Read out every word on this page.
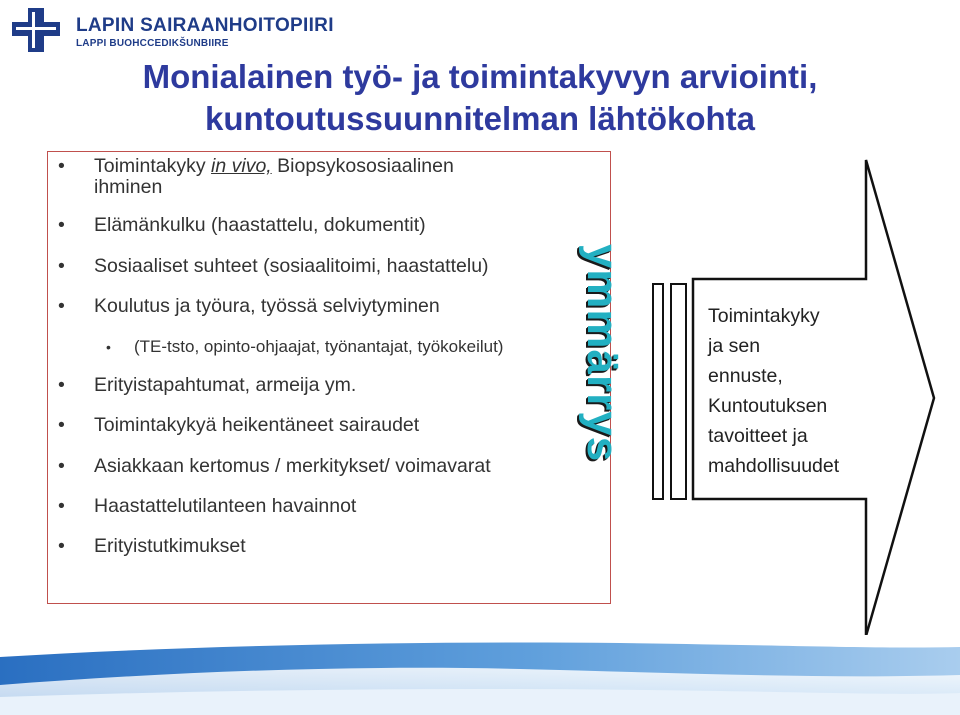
LAPIN SAIRAANHOITOPIIRI
LAPPI BUOHCCEDIKŠUNBIIRE
Monialainen työ- ja toimintakyvyn arviointi,
kuntoutussuunnitelman lähtökohta
• Toimintakyky in vivo, Biopsykososiaalinen
ihminen
• Elämänkulku (haastattelu, dokumentit)
• Sosiaaliset suhteet (sosiaalitoimi, haastattelu)
• Koulutus ja työura, työssä selviytyminen
• (TE-tsto, opinto-ohjaajat, työnantajat, työkokeilut)
• Erityistapahtumat, armeija ym.
• Toimintakykyä heikentäneet sairaudet
• Asiakkaan kertomus / merkitykset/ voimavarat
• Haastattelutilanteen havainnot
• Erityistutkimukset
ymmärrys	Toimintakyky
ja sen
ennuste,
Kuntoutuksen
tavoitteet ja
mahdollisuudet
